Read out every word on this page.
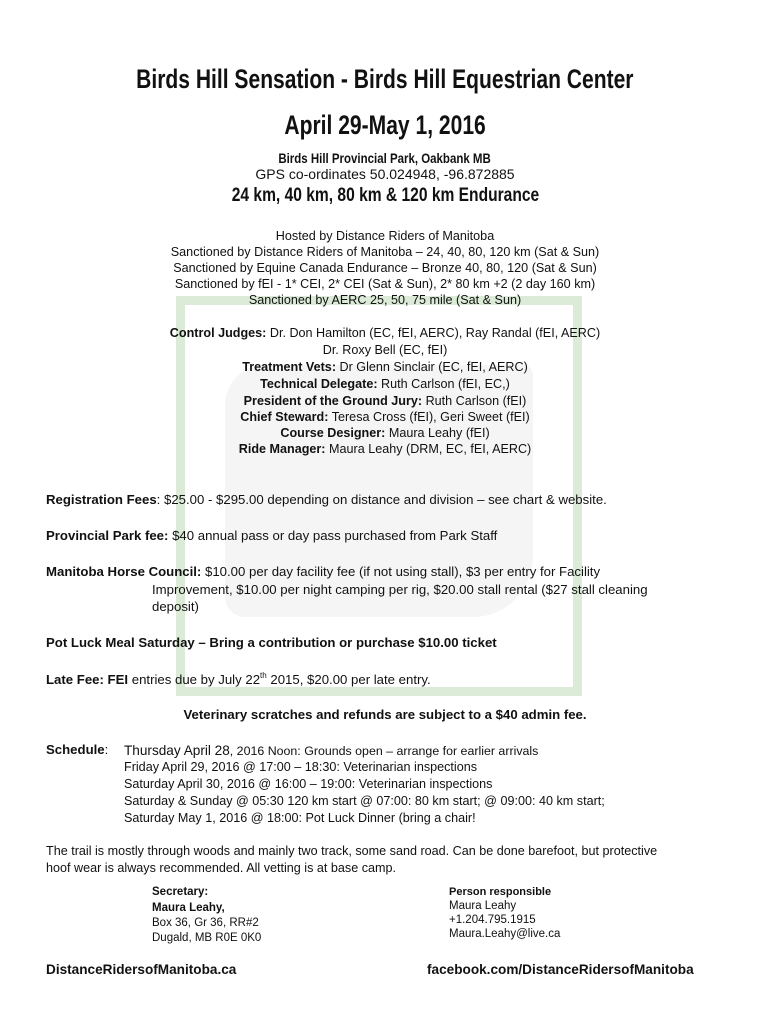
Birds Hill Sensation - Birds Hill Equestrian Center
April 29-May 1, 2016
Birds Hill Provincial Park, Oakbank MB
GPS co-ordinates 50.024948, -96.872885
24 km, 40 km, 80 km & 120 km Endurance
Hosted by Distance Riders of Manitoba
Sanctioned by Distance Riders of Manitoba – 24, 40, 80, 120 km (Sat & Sun)
Sanctioned by Equine Canada Endurance – Bronze 40, 80, 120 (Sat & Sun)
Sanctioned by fEI - 1* CEI, 2* CEI (Sat & Sun), 2* 80 km +2 (2 day 160 km)
Sanctioned by AERC 25, 50, 75 mile (Sat & Sun)
Control Judges: Dr. Don Hamilton (EC, fEI, AERC), Ray Randal (fEI, AERC)
Dr. Roxy Bell (EC, fEI)
Treatment Vets: Dr Glenn Sinclair (EC, fEI, AERC)
Technical Delegate: Ruth Carlson (fEI, EC,)
President of the Ground Jury: Ruth Carlson (fEI)
Chief Steward: Teresa Cross (fEI), Geri Sweet (fEI)
Course Designer: Maura Leahy (fEI)
Ride Manager: Maura Leahy (DRM, EC, fEI, AERC)
Registration Fees: $25.00 - $295.00 depending on distance and division – see chart & website.
Provincial Park fee: $40 annual pass or day pass purchased from Park Staff
Manitoba Horse Council: $10.00 per day facility fee (if not using stall), $3 per entry for Facility
Improvement, $10.00 per night camping per rig, $20.00 stall rental ($27 stall cleaning
deposit)
Pot Luck Meal Saturday – Bring a contribution or purchase $10.00 ticket
Late Fee: FEI entries due by July 22th 2015, $20.00 per late entry.
Veterinary scratches and refunds are subject to a $40 admin fee.
Schedule: Thursday April 28, 2016 Noon: Grounds open – arrange for earlier arrivals
Friday April 29, 2016 @ 17:00 – 18:30: Veterinarian inspections
Saturday April 30, 2016 @ 16:00 – 19:00: Veterinarian inspections
Saturday & Sunday @ 05:30 120 km start @ 07:00: 80 km start; @ 09:00: 40 km start;
Saturday May 1, 2016 @ 18:00: Pot Luck Dinner (bring a chair!
The trail is mostly through woods and mainly two track, some sand road. Can be done barefoot, but protective
hoof wear is always recommended. All vetting is at base camp.
Secretary:
Maura Leahy,
Box 36, Gr 36, RR#2
Dugald, MB R0E 0K0
Person responsible
Maura Leahy
+1.204.795.1915
Maura.Leahy@live.ca
DistanceRidersofManitoba.ca	facebook.com/DistanceRidersofManitoba
